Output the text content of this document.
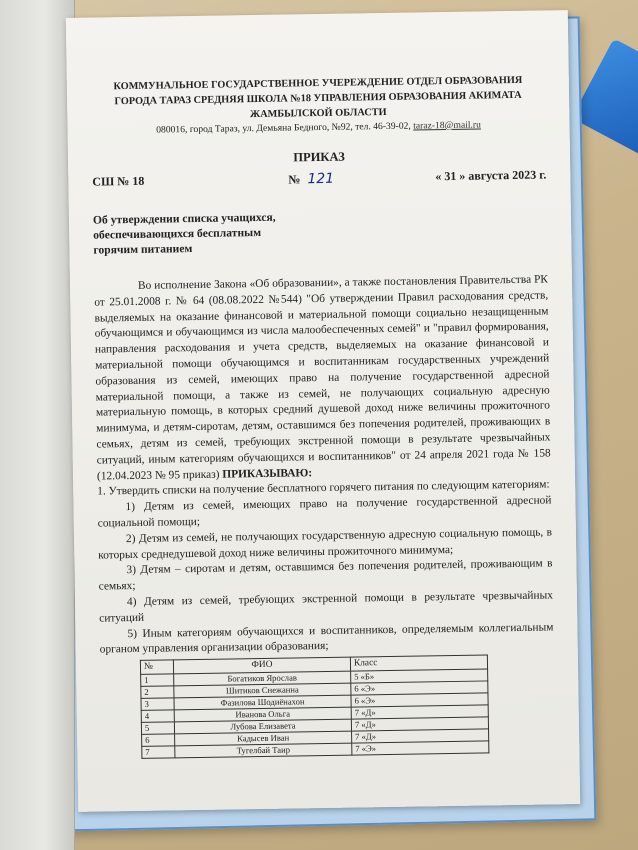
КОММУНАЛЬНОЕ ГОСУДАРСТВЕННОЕ УЧЕРЕЖДЕНИЕ ОТДЕЛ ОБРАЗОВАНИЯ
ГОРОДА ТАРАЗ СРЕДНЯЯ ШКОЛА №18 УПРАВЛЕНИЯ ОБРАЗОВАНИЯ АКИМАТА
ЖАМБЫЛСКОЙ ОБЛАСТИ
080016, город Тараз, ул. Демьяна Бедного, №92, тел. 46-39-02, taraz-18@mail.ru
ПРИКАЗ
СШ № 18	№ 121	« 31 » августа 2023 г.
Об утверждении списка учащихся,
обеспечивающихся бесплатным
горячим питанием

Во исполнение Закона «Об образовании», а также постановления Правительства РК от 25.01.2008 г. № 64 (08.08.2022 №544) "Об утверждении Правил расходования средств, выделяемых на оказание финансовой и материальной помощи социально незащищенным обучающимся и обучающимся из числа малообеспеченных семей" и "правил формирования, направления расходования и учета средств, выделяемых на оказание финансовой и материальной помощи обучающимся и воспитанникам государственных учреждений образования из семей, имеющих право на получение государственной адресной материальной помощи, а также из семей, не получающих социальную адресную материальную помощь, в которых средний душевой доход ниже величины прожиточного минимума, и детям-сиротам, детям, оставшимся без попечения родителей, проживающих в семьях, детям из семей, требующих экстренной помощи в результате чрезвычайных ситуаций, иным категориям обучающихся и воспитанников" от 24 апреля 2021 года № 158 (12.04.2023 № 95 приказ) ПРИКАЗЫВАЮ:

1. Утвердить списки на получение бесплатного горячего питания по следующим категориям:

1) Детям из семей, имеющих право на получение государственной адресной социальной помощи;

2) Детям из семей, не получающих государственную адресную социальную помощь, в которых среднедушевой доход ниже величины прожиточного минимума;

3) Детям – сиротам и детям, оставшимся без попечения родителей, проживающим в семьях;

4) Детям из семей, требующих экстренной помощи в результате чрезвычайных ситуаций

5) Иным категориям обучающихся и воспитанников, определяемым коллегиальным органом управления организации образования;

№	ФИО	Класс
1	Богатиков Ярослав	5 «Б»
2	Шитиков Снежанна	6 «Э»
3	Фазилова Шодиёнахон	6 «Э»
4	Иванова Ольга	7 «Д»
5	Лубова Елизавета	7 «Д»
6	Кадысев Иван	7 «Д»
7	Тугелбай Таир	7 «Э»
